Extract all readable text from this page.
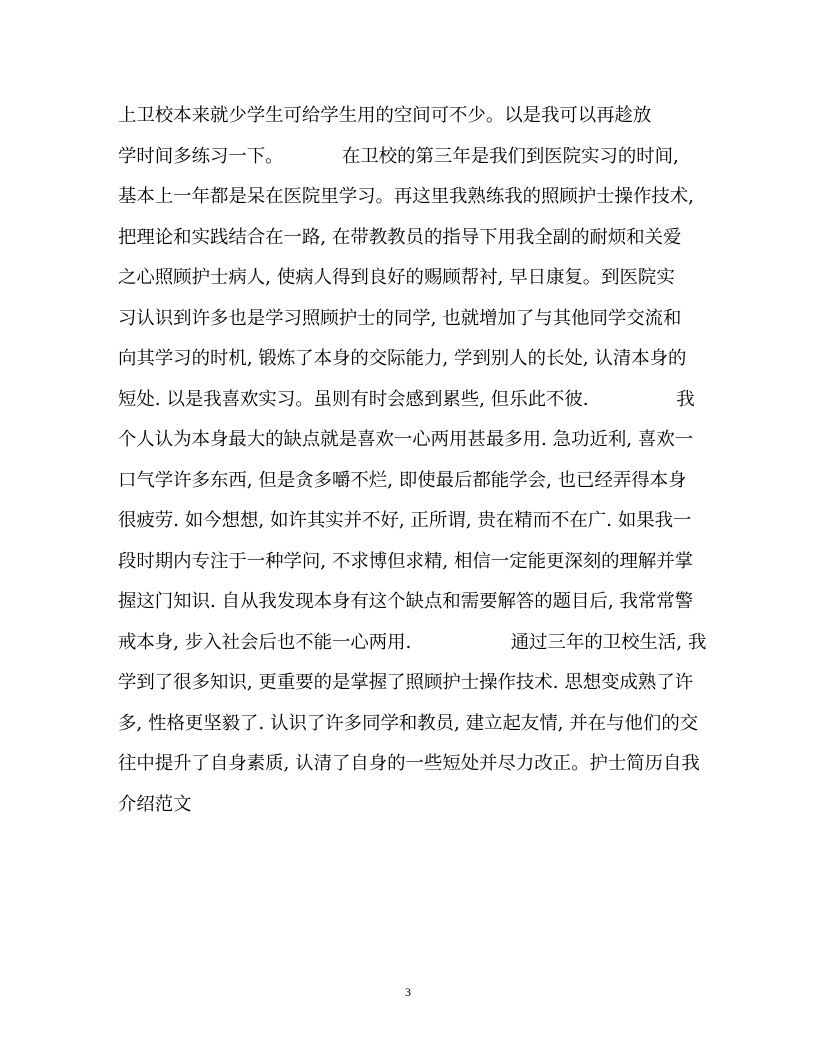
上卫校本来就少学生可给学生用的空间可不少。以是我可以再趁放
学时间多练习一下。          在卫校的第三年是我们到医院实习的时间,
基本上一年都是呆在医院里学习。再这里我熟练我的照顾护士操作技术,
把理论和实践结合在一路, 在带教教员的指导下用我全副的耐烦和关爱
之心照顾护士病人, 使病人得到良好的赐顾帮衬, 早日康复。到医院实
习认识到许多也是学习照顾护士的同学, 也就增加了与其他同学交流和
向其学习的时机, 锻炼了本身的交际能力, 学到别人的长处, 认清本身的
短处. 以是我喜欢实习。虽则有时会感到累些, 但乐此不彼.               我
个人认为本身最大的缺点就是喜欢一心两用甚最多用. 急功近利, 喜欢一
口气学许多东西, 但是贪多嚼不烂, 即使最后都能学会, 也已经弄得本身
很疲劳. 如今想想, 如许其实并不好, 正所谓, 贵在精而不在广. 如果我一
段时期内专注于一种学问, 不求博但求精, 相信一定能更深刻的理解并掌
握这门知识. 自从我发现本身有这个缺点和需要解答的题目后, 我常常警
戒本身, 步入社会后也不能一心两用.                 通过三年的卫校生活, 我
学到了很多知识, 更重要的是掌握了照顾护士操作技术. 思想变成熟了许
多, 性格更坚毅了. 认识了许多同学和教员, 建立起友情, 并在与他们的交
往中提升了自身素质, 认清了自身的一些短处并尽力改正。护士简历自我
介绍范文
3
